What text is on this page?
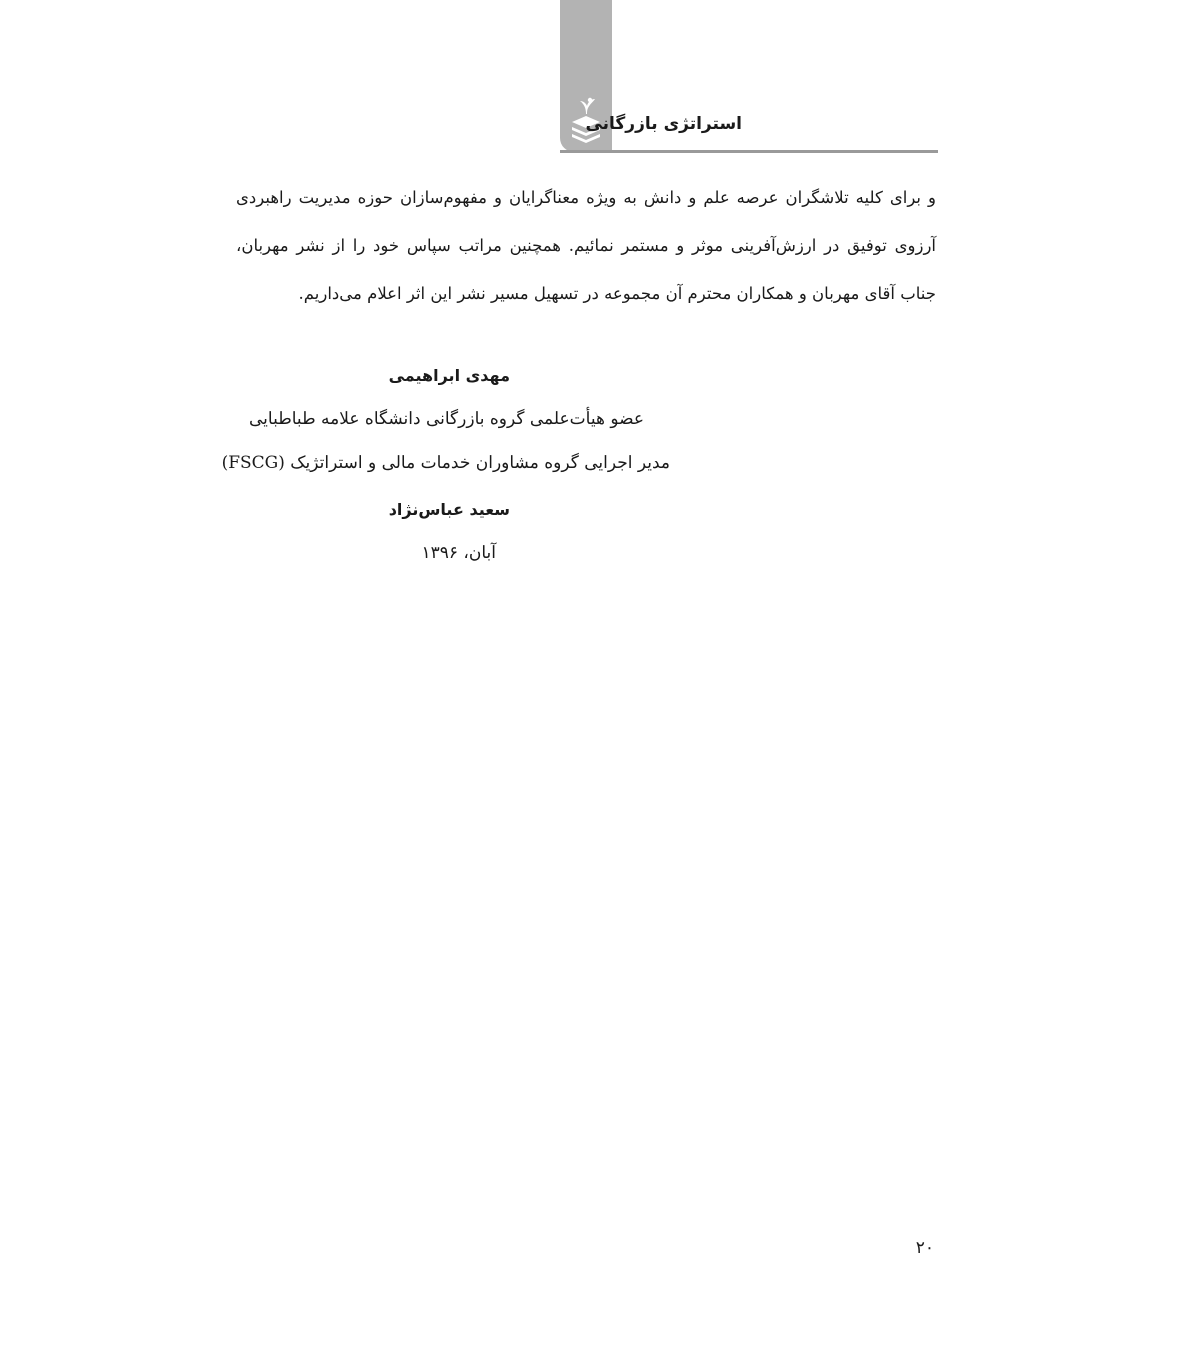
استراتژی بازرگانی

و برای کلیه تلاشگران عرصه علم و دانش به ویژه معناگرایان و مفهوم‌سازان حوزه مدیریت راهبردی آرزوی توفیق در ارزش‌آفرینی موثر و مستمر نمائیم. همچنین مراتب سپاس خود را از نشر مهربان، جناب آقای مهربان و همکاران محترم آن مجموعه در تسهیل مسیر نشر این اثر اعلام می‌داریم.

مهدی ابراهیمی
عضو هیأت‌علمی گروه بازرگانی دانشگاه علامه طباطبایی
مدیر اجرایی گروه مشاوران خدمات مالی و استراتژیک (FSCG)
سعید عباس‌نژاد
آبان، ۱۳۹۶
۲۰
